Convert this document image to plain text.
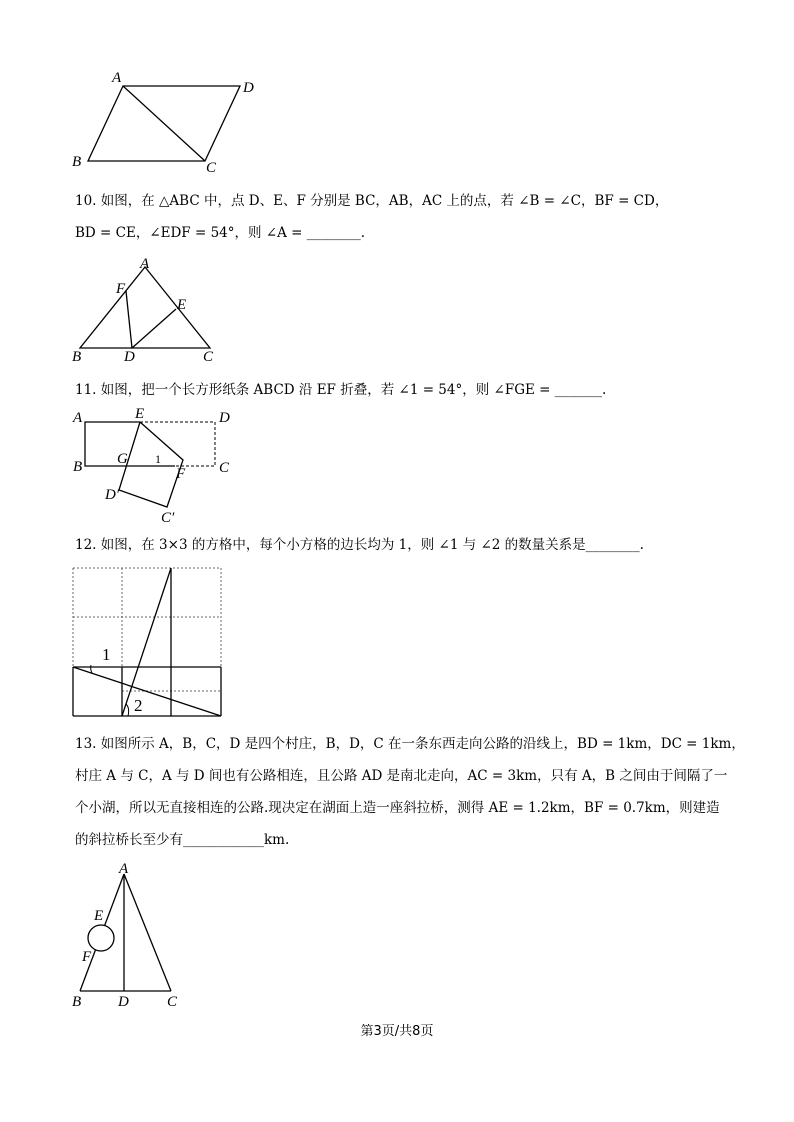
A
D
B	C
10. 如图，在 △ABC 中，点 D、E、F 分别是 BC，AB，AC 上的点，若 ∠B = ∠C，BF = CD，
BD = CE，∠EDF = 54°，则 ∠A = ________.
A
F
E
B	D	C
11. 如图，把一个长方形纸条 ABCD 沿 EF 折叠，若 ∠1 = 54°，则 ∠FGE = _______.
A	E	D
B G 1
C
F
D′
C′
12. 如图，在 3×3 的方格中，每个小方格的边长均为 1，则 ∠1 与 ∠2 的数量关系是________.
1
2
13. 如图所示 A，B，C，D 是四个村庄，B，D，C 在一条东西走向公路的沿线上，BD = 1km，DC = 1km，
村庄 A 与 C，A 与 D 间也有公路相连，且公路 AD 是南北走向，AC = 3km，只有 A，B 之间由于间隔了一
个小湖，所以无直接相连的公路.现决定在湖面上造一座斜拉桥，测得 AE = 1.2km，BF = 0.7km，则建造
的斜拉桥长至少有____________km.
A
E
F
B D	C
第3页/共8页
